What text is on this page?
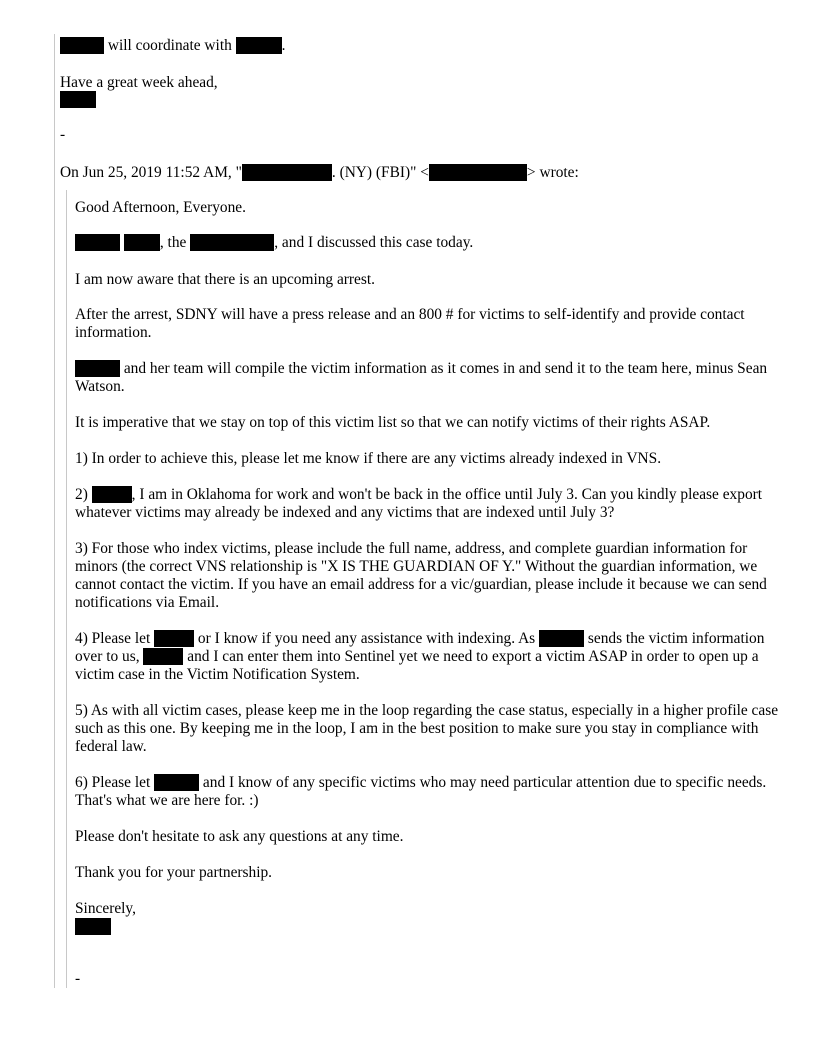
will coordinate with	.
Have a great week ahead,
-
On Jun 25, 2019 11:52 AM, "	. (NY) (FBI)" <	> wrote:
Good Afternoon, Everyone.
, the	, and I discussed this case today.
I am now aware that there is an upcoming arrest.
After the arrest, SDNY will have a press release and an 800 # for victims to self-identify and provide contact information.
and her team will compile the victim information as it comes in and send it to the team here, minus Sean Watson.
It is imperative that we stay on top of this victim list so that we can notify victims of their rights ASAP.
1) In order to achieve this, please let me know if there are any victims already indexed in VNS.
2)	, I am in Oklahoma for work and won't be back in the office until July 3. Can you kindly please export whatever victims may already be indexed and any victims that are indexed until July 3?
3) For those who index victims, please include the full name, address, and complete guardian information for minors (the correct VNS relationship is "X IS THE GUARDIAN OF Y." Without the guardian information, we cannot contact the victim. If you have an email address for a vic/guardian, please include it because we can send notifications via Email.
4) Please let	or I know if you need any assistance with indexing. As	sends the victim information over to us,	and I can enter them into Sentinel yet we need to export a victim ASAP in order to open up a victim case in the Victim Notification System.
5) As with all victim cases, please keep me in the loop regarding the case status, especially in a higher profile case such as this one. By keeping me in the loop, I am in the best position to make sure you stay in compliance with federal law.
6) Please let	and I know of any specific victims who may need particular attention due to specific needs. That's what we are here for. :)
Please don't hesitate to ask any questions at any time.
Thank you for your partnership.
Sincerely,
-
